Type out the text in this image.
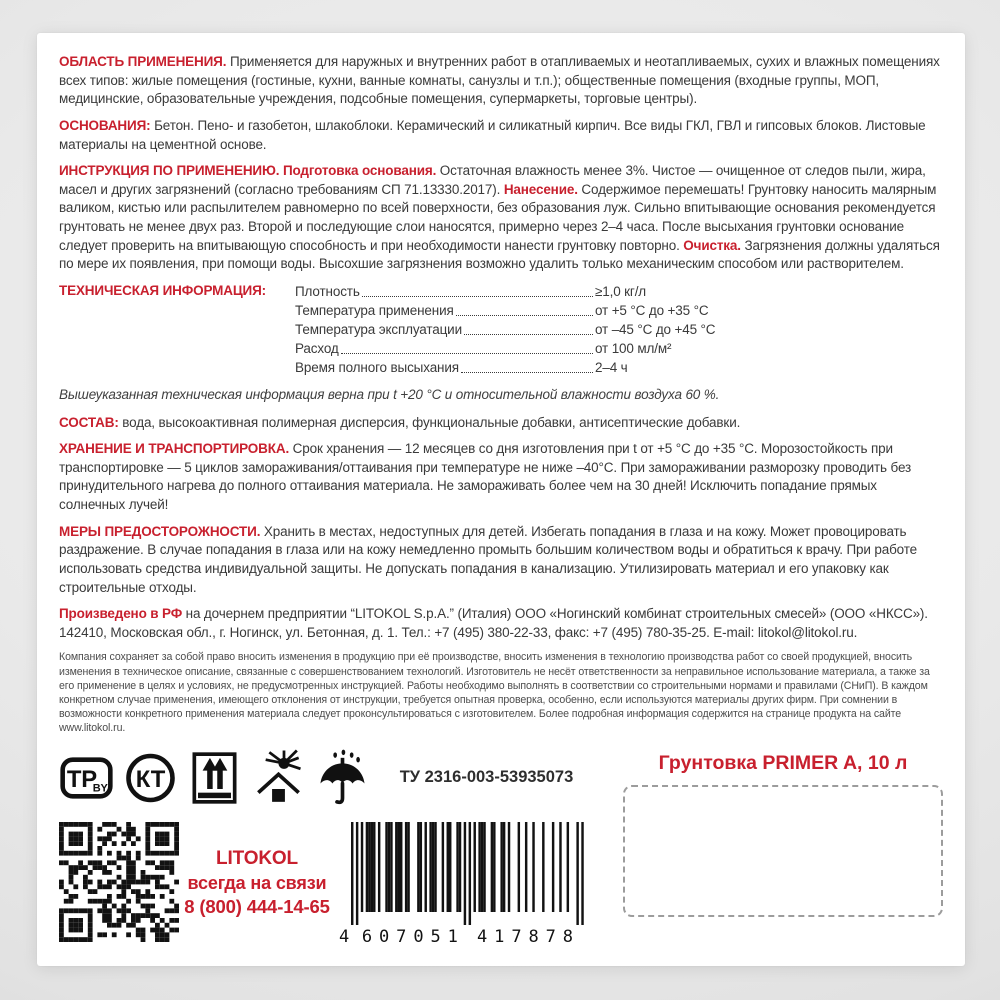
ОБЛАСТЬ ПРИМЕНЕНИЯ. Применяется для наружных и внутренних работ в отапливаемых и неотапливаемых, сухих и влажных помещениях всех типов: жилые помещения (гостиные, кухни, ванные комнаты, санузлы и т.п.); общественные помещения (входные группы, МОП, медицинские, образовательные учреждения, подсобные помещения, супермаркеты, торговые центры).

ОСНОВАНИЯ: Бетон. Пено- и газобетон, шлакоблоки. Керамический и силикатный кирпич. Все виды ГКЛ, ГВЛ и гипсовых блоков. Листовые материалы на цементной основе.

ИНСТРУКЦИЯ ПО ПРИМЕНЕНИЮ. Подготовка основания. Остаточная влажность менее 3%. Чистое — очищенное от следов пыли, жира, масел и других загрязнений (согласно требованиям СП 71.13330.2017). Нанесение. Содержимое перемешать! Грунтовку наносить малярным валиком, кистью или распылителем равномерно по всей поверхности, без образования луж. Сильно впитывающие основания рекомендуется грунтовать не менее двух раз. Второй и последующие слои наносятся, примерно через 2–4 часа. После высыхания грунтовки основание следует проверить на впитывающую способность и при необходимости нанести грунтовку повторно. Очистка. Загрязнения должны удаляться по мере их появления, при помощи воды. Высохшие загрязнения возможно удалить только механическим способом или растворителем.

ТЕХНИЧЕСКАЯ ИНФОРМАЦИЯ:	Плотность	≥1,0 кг/л
Температура применения	от +5 °С до +35 °С
Температура эксплуатации	от –45 °С до +45 °С
Расход	от 100 мл/м²
Время полного высыхания	2–4 ч

Вышеуказанная техническая информация верна при t +20 °С и относительной влажности воздуха 60 %.

СОСТАВ: вода, высокоактивная полимерная дисперсия, функциональные добавки, антисептические добавки.

ХРАНЕНИЕ И ТРАНСПОРТИРОВКА. Срок хранения — 12 месяцев со дня изготовления при t от +5 °С до +35 °С. Морозостойкость при транспортировке — 5 циклов замораживания/оттаивания при температуре не ниже –40°С. При замораживании разморозку проводить без принудительного нагрева до полного оттаивания материала. Не замораживать более чем на 30 дней! Исключить попадание прямых солнечных лучей!

МЕРЫ ПРЕДОСТОРОЖНОСТИ. Хранить в местах, недоступных для детей. Избегать попадания в глаза и на кожу. Может провоцировать раздражение. В случае попадания в глаза или на кожу немедленно промыть большим количеством воды и обратиться к врачу. При работе использовать средства индивидуальной защиты. Не допускать попадания в канализацию. Утилизировать материал и его упаковку как строительные отходы.

Произведено в РФ на дочернем предприятии “LITOKOL S.p.A.” (Италия) ООО «Ногинский комбинат строительных смесей» (ООО «НКСС»). 142410, Московская обл., г. Ногинск, ул. Бетонная, д. 1. Тел.: +7 (495) 380-22-33, факс: +7 (495) 780-35-25. E-mail: litokol@litokol.ru.

Компания сохраняет за собой право вносить изменения в продукцию при её производстве, вносить изменения в технологию производства работ со своей продукцией, вносить изменения в техническое описание, связанные с совершенствованием технологий. Изготовитель не несёт ответственности за неправильное использование материала, а также за его применение в целях и условиях, не предусмотренных инструкцией. Работы необходимо выполнять в соответствии со строительными нормами и правилами (СНиП). В каждом конкретном случае применения, имеющего отклонения от инструкции, требуется опытная проверка, особенно, если используются материалы других фирм. При сомнении в возможности конкретного применения материала следует проконсультироваться с изготовителем. Более подробная информация содержится на странице продукта на сайте www.litokol.ru.

ТР
BY КТ	ТУ 2316-003-53935073
LITOKOL
всегда на связи
8 (800) 444-14-65
4 6 0 7 0 5 1 4 1 7 8 7 8
Грунтовка PRIMER A, 10 л
